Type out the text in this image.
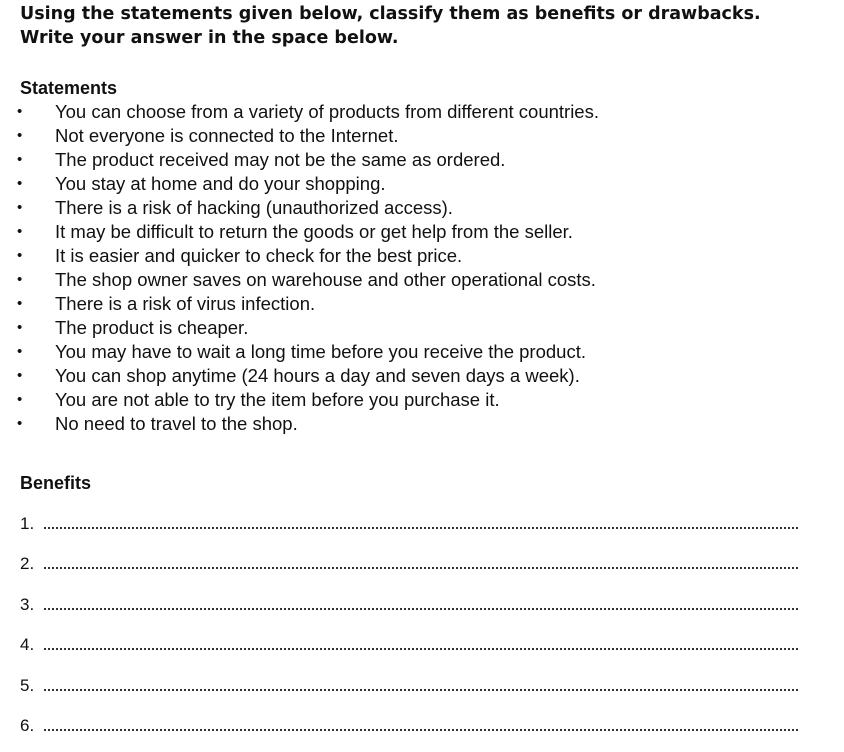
Using the statements given below, classify them as benefits or drawbacks. Write your answer in the space below.

Statements
• You can choose from a variety of products from different countries.
• Not everyone is connected to the Internet.
• The product received may not be the same as ordered.
• You stay at home and do your shopping.
• There is a risk of hacking (unauthorized access).
• It may be difficult to return the goods or get help from the seller.
• It is easier and quicker to check for the best price.
• The shop owner saves on warehouse and other operational costs.
• There is a risk of virus infection.
• The product is cheaper.
• You may have to wait a long time before you receive the product.
• You can shop anytime (24 hours a day and seven days a week).
• You are not able to try the item before you purchase it.
• No need to travel to the shop.
Benefits
1.
2.
3.
4.
5.
6.
